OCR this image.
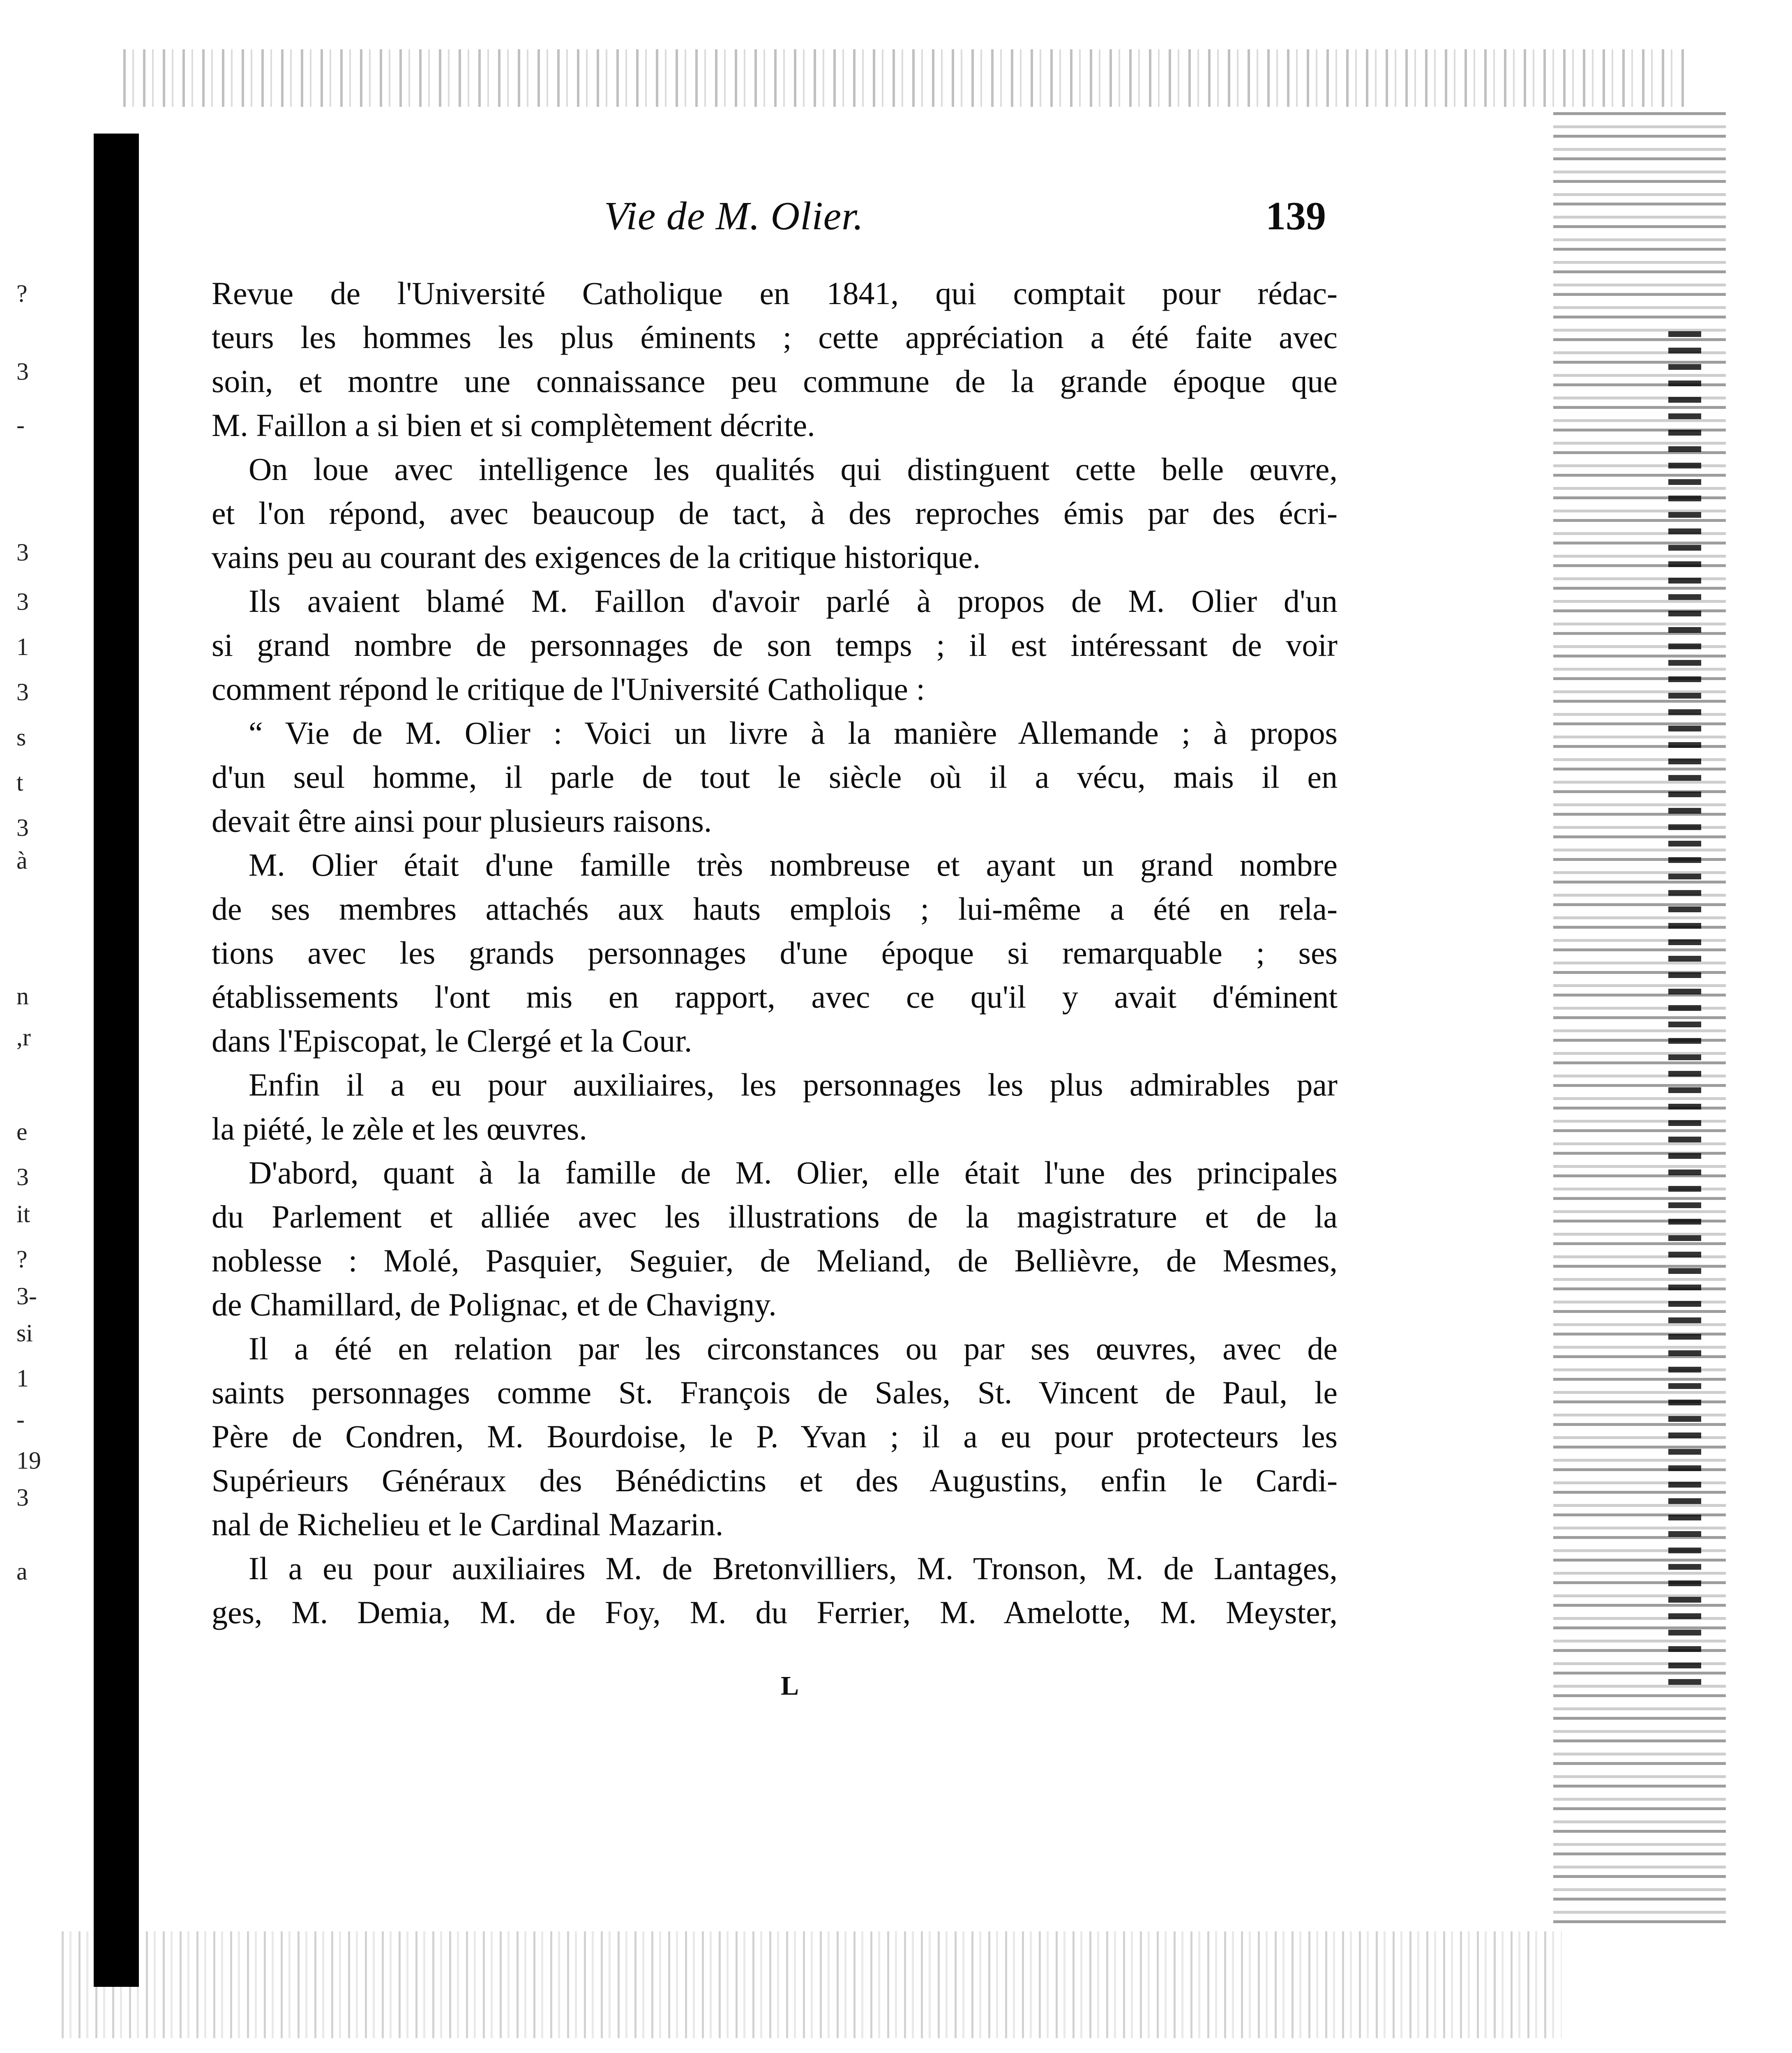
?
3
-
3
3
1
3
s
t
3
à
n
,r
e
3
it
?
3-
si
1
-
19
3
a
Vie de M. Olier.	139
Revue de l'Université Catholique en 1841, qui comptait pour rédac-
teurs les hommes les plus éminents ; cette appréciation a été faite avec
soin, et montre une connaissance peu commune de la grande époque que
M. Faillon a si bien et si complètement décrite.
On loue avec intelligence les qualités qui distinguent cette belle œuvre,
et l'on répond, avec beaucoup de tact, à des reproches émis par des écri-
vains peu au courant des exigences de la critique historique.
Ils avaient blamé M. Faillon d'avoir parlé à propos de M. Olier d'un
si grand nombre de personnages de son temps ; il est intéressant de voir
comment répond le critique de l'Université Catholique :
“ Vie de M. Olier : Voici un livre à la manière Allemande ; à propos
d'un seul homme, il parle de tout le siècle où il a vécu, mais il en
devait être ainsi pour plusieurs raisons.
M. Olier était d'une famille très nombreuse et ayant un grand nombre
de ses membres attachés aux hauts emplois ; lui-même a été en rela-
tions avec les grands personnages d'une époque si remarquable ; ses
établissements l'ont mis en rapport, avec ce qu'il y avait d'éminent
dans l'Episcopat, le Clergé et la Cour.
Enfin il a eu pour auxiliaires, les personnages les plus admirables par
la piété, le zèle et les œuvres.
D'abord, quant à la famille de M. Olier, elle était l'une des principales
du Parlement et alliée avec les illustrations de la magistrature et de la
noblesse : Molé, Pasquier, Seguier, de Meliand, de Bellièvre, de Mesmes,
de Chamillard, de Polignac, et de Chavigny.
Il a été en relation par les circonstances ou par ses œuvres, avec de
saints personnages comme St. François de Sales, St. Vincent de Paul, le
Père de Condren, M. Bourdoise, le P. Yvan ; il a eu pour protecteurs les
Supérieurs Généraux des Bénédictins et des Augustins, enfin le Cardi-
nal de Richelieu et le Cardinal Mazarin.
Il a eu pour auxiliaires M. de Bretonvilliers, M. Tronson, M. de Lantages,
ges, M. Demia, M. de Foy, M. du Ferrier, M. Amelotte, M. Meyster,
L
